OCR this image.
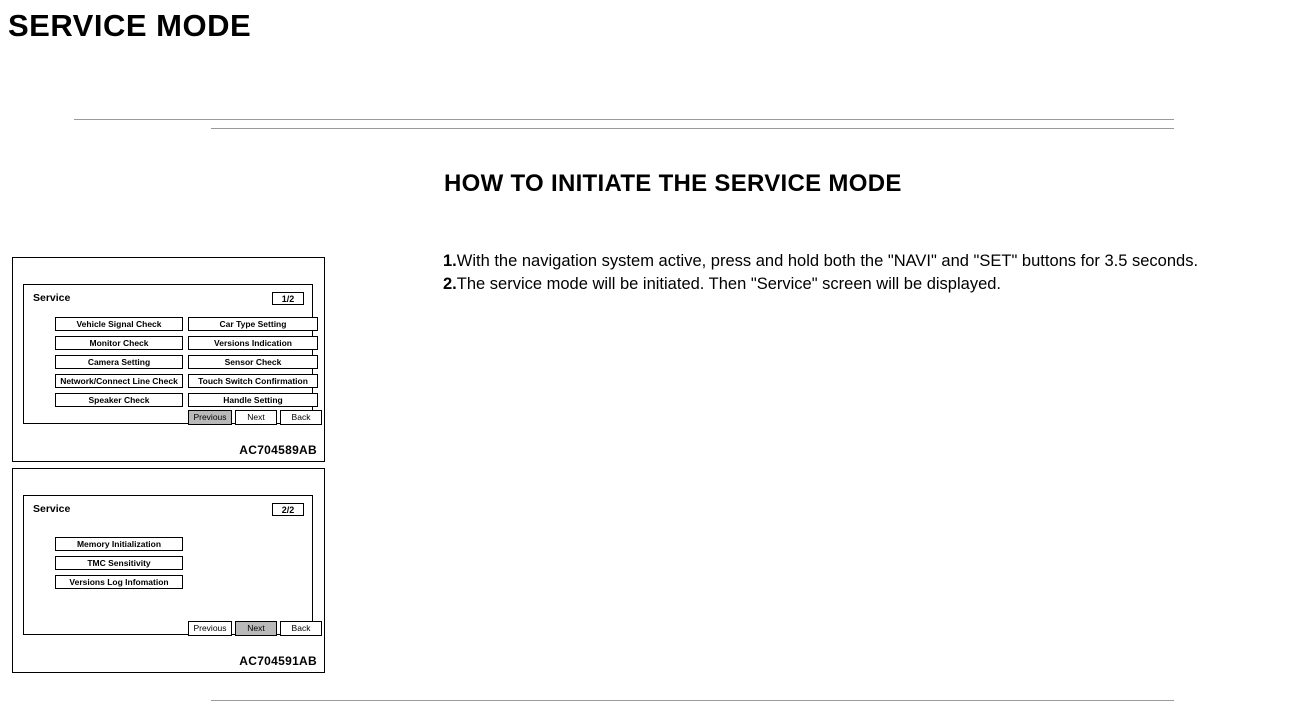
SERVICE MODE
HOW TO INITIATE THE SERVICE MODE

1.With the navigation system active, press and hold both the "NAVI" and "SET" buttons for 3.5 seconds.

2.The service mode will be initiated. Then "Service" screen will be displayed.

Service	1/2
Vehicle Signal Check
Monitor Check
Camera Setting
Network/Connect Line Check
Speaker Check
Car Type Setting
Versions Indication
Sensor Check
Touch Switch Confirmation
Handle Setting
Previous	Next	Back
AC704589AB
Service	2/2
Memory Initialization
TMC Sensitivity
Versions Log Infomation
Previous	Next	Back
AC704591AB
